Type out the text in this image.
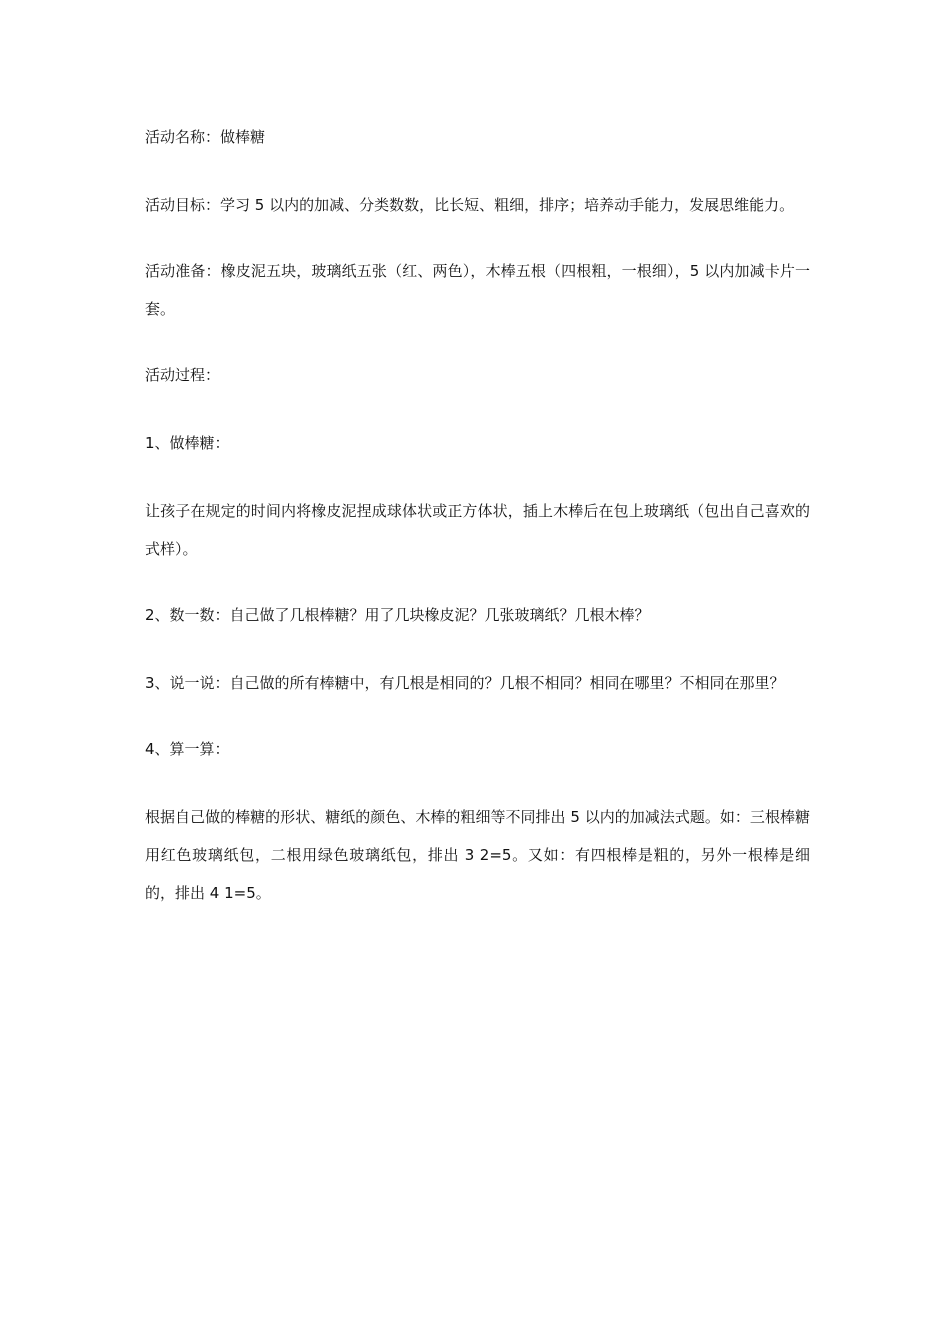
活动名称：做棒糖

活动目标：学习 5 以内的加减、分类数数，比长短、粗细，排序；培养动手能力，发展思维能力。

活动准备：橡皮泥五块，玻璃纸五张（红、两色），木棒五根（四根粗，一根细），5 以内加减卡片一套。

活动过程：

1、做棒糖：

让孩子在规定的时间内将橡皮泥捏成球体状或正方体状，插上木棒后在包上玻璃纸（包出自己喜欢的式样）。

2、数一数：自己做了几根棒糖？用了几块橡皮泥？几张玻璃纸？几根木棒？

3、说一说：自己做的所有棒糖中，有几根是相同的？几根不相同？相同在哪里？不相同在那里？

4、算一算：

根据自己做的棒糖的形状、糖纸的颜色、木棒的粗细等不同排出 5 以内的加减法式题。如：三根棒糖用红色玻璃纸包，二根用绿色玻璃纸包，排出 3 2=5。又如：有四根棒是粗的，另外一根棒是细的，排出 4 1=5。
